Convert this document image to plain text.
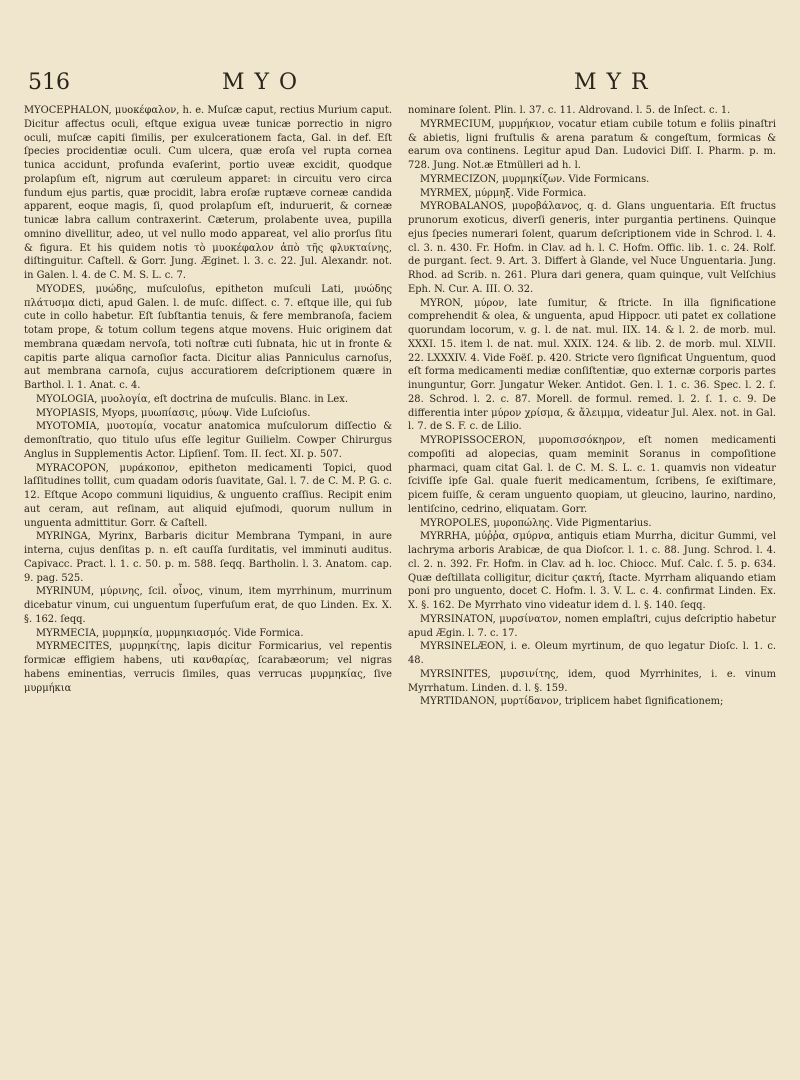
516	MYO	MYR

MYOCEPHALON, μυοκέφαλον, h. e. Muſcæ caput, rectius Murium caput. Dicitur affectus oculi, eſtque exigua uveæ tunicæ porrectio in nigro oculi, muſcæ capiti ſimilis, per exulcerationem facta, Gal. in def. Eſt ſpecies procidentiæ oculi. Cum ulcera, quæ eroſa vel rupta cornea tunica accidunt, profunda evaſerint, portio uveæ excidit, quodque prolapſum eſt, nigrum aut cœruleum apparet: in circuitu vero circa fundum ejus partis, quæ procidit, labra eroſæ ruptæve corneæ candida apparent, eoque magis, ſi, quod prolapſum eſt, induruerit, & corneæ tunicæ labra callum contraxerint. Cæterum, prolabente uvea, pupilla omnino divellitur, adeo, ut vel nullo modo appareat, vel alio prorſus ſitu & figura. Et his quidem notis τὸ μυοκέφαλον ἀπὸ τῆς φλυκταίνης, diſtinguitur. Caſtell. & Gorr. Jung. Æginet. l. 3. c. 22. Jul. Alexandr. not. in Galen. l. 4. de C. M. S. L. c. 7.

MYODES, μυώδης, muſculoſus, epitheton muſculi Lati, μυώδης πλάτυσμα dicti, apud Galen. l. de muſc. diſſect. c. 7. eſtque ille, qui ſub cute in collo habetur. Eſt ſubſtantia tenuis, & fere membranoſa, faciem totam prope, & totum collum tegens atque movens. Huic originem dat membrana quædam nervoſa, toti noſtræ cuti ſubnata, hic ut in fronte & capitis parte aliqua carnoſior facta. Dicitur alias Panniculus carnoſus, aut membrana carnoſa, cujus accuratiorem deſcriptionem quære in Barthol. l. 1. Anat. c. 4.

MYOLOGIA, μυολογία, eſt doctrina de muſculis. Blanc. in Lex.

MYOPIASIS, Myops, μυωπίασις, μύωψ. Vide Luſcioſus.

MYOTOMIA, μυοτομία, vocatur anatomica muſculorum diſſectio & demonſtratio, quo titulo uſus eſſe legitur Guilielm. Cowper Chirurgus Anglus in Supplementis Actor. Lipſienſ. Tom. II. ſect. XI. p. 507.

MYRACOPON, μυράκοπον, epitheton medicamenti Topici, quod laſſitudines tollit, cum quadam odoris ſuavitate, Gal. l. 7. de C. M. P. G. c. 12. Eſtque Acopo communi liquidius, & unguento craſſius. Recipit enim aut ceram, aut reſinam, aut aliquid ejuſmodi, quorum nullum in unguenta admittitur. Gorr. & Caſtell.

MYRINGA, Myrinx, Barbaris dicitur Membrana Tympani, in aure interna, cujus denſitas p. n. eſt cauſſa ſurditatis, vel imminuti auditus. Capivacc. Pract. l. 1. c. 50. p. m. 588. ſeqq. Bartholin. l. 3. Anatom. cap. 9. pag. 525.

MYRINUM, μύρινης, ſcil. οἶνος, vinum, item myrrhinum, murrinum dicebatur vinum, cui unguentum ſuperfuſum erat, de quo Linden. Ex. X. §. 162. ſeqq.

MYRMECIA, μυρμηκία, μυρμηκιασμός. Vide Formica.

MYRMECITES, μυρμηκίτης, lapis dicitur Formicarius, vel repentis formicæ effigiem habens, uti κανθαρίας, ſcarabæorum; vel nigras habens eminentias, verrucis ſimiles, quas verrucas μυρμηκίας, ſive μυρμήκια

nominare ſolent. Plin. l. 37. c. 11. Aldrovand. l. 5. de Inſect. c. 1.

MYRMECIUM, μυρμήκιον, vocatur etiam cubile totum e foliis pinaſtri & abietis, ligni fruſtulis & arena paratum & congeſtum, formicas & earum ova continens. Legitur apud Dan. Ludovici Diſſ. I. Pharm. p. m. 728. Jung. Not.æ Etmülleri ad h. l.

MYRMECIZON, μυρμηκίζων. Vide Formicans.

MYRMEX, μύρμηξ. Vide Formica.

MYROBALANOS, μυροβάλανος, q. d. Glans unguentaria. Eſt fructus prunorum exoticus, diverſi generis, inter purgantia pertinens. Quinque ejus ſpecies numerari ſolent, quarum deſcriptionem vide in Schrod. l. 4. cl. 3. n. 430. Fr. Hofm. in Clav. ad h. l. C. Hofm. Offic. lib. 1. c. 24. Rolf. de purgant. ſect. 9. Art. 3. Differt à Glande, vel Nuce Unguentaria. Jung. Rhod. ad Scrib. n. 261. Plura dari genera, quam quinque, vult Velſchius Eph. N. Cur. A. III. O. 32.

MYRON, μύρον, late ſumitur, & ſtricte. In illa ſignificatione comprehendit & olea, & unguenta, apud Hippocr. uti patet ex collatione quorundam locorum, v. g. l. de nat. mul. IIX. 14. & l. 2. de morb. mul. XXXI. 15. item l. de nat. mul. XXIX. 124. & lib. 2. de morb. mul. XLVII. 22. LXXXIV. 4. Vide Foëſ. p. 420. Stricte vero ſignificat Unguentum, quod eſt forma medicamenti mediæ conſiſtentiæ, quo externæ corporis partes inunguntur, Gorr. Jungatur Weker. Antidot. Gen. l. 1. c. 36. Spec. l. 2. ſ. 28. Schrod. l. 2. c. 87. Morell. de formul. remed. l. 2. ſ. 1. c. 9. De differentia inter μύρον χρίσμα, & ἄλειμμα, videatur Jul. Alex. not. in Gal. l. 7. de S. F. c. de Lilio.

MYROPISSOCERON, μυροπισσόκηρον, eſt nomen medicamenti compoſiti ad alopecias, quam meminit Soranus in compoſitione pharmaci, quam citat Gal. l. de C. M. S. L. c. 1. quamvis non videatur ſciviſſe ipſe Gal. quale fuerit medicamentum, ſcribens, ſe exiſtimare, picem fuiſſe, & ceram unguento quopiam, ut gleucino, laurino, nardino, lentiſcino, cedrino, eliquatam. Gorr.

MYROPOLES, μυροπώλης. Vide Pigmentarius.

MYRRHA, μύῤῥα, σμύρνα, antiquis etiam Murrha, dicitur Gummi, vel lachryma arboris Arabicæ, de qua Dioſcor. l. 1. c. 88. Jung. Schrod. l. 4. cl. 2. n. 392. Fr. Hofm. in Clav. ad h. loc. Chiocc. Muſ. Calc. ſ. 5. p. 634. Quæ deſtillata colligitur, dicitur ϛακτή, ſtacte. Myrrham aliquando etiam poni pro unguento, docet C. Hofm. l. 3. V. L. c. 4. confirmat Linden. Ex. X. §. 162. De Myrrhato vino videatur idem d. l. §. 140. ſeqq.

MYRSINATON, μυρσίνατον, nomen emplaſtri, cujus deſcriptio habetur apud Ægin. l. 7. c. 17.

MYRSINELÆON, i. e. Oleum myrtinum, de quo legatur Dioſc. l. 1. c. 48.

MYRSINITES, μυρσινίτης, idem, quod Myrrhinites, i. e. vinum Myrrhatum. Linden. d. l. §. 159.

MYRTIDANON, μυρτίδανον, triplicem habet ſignificationem;
